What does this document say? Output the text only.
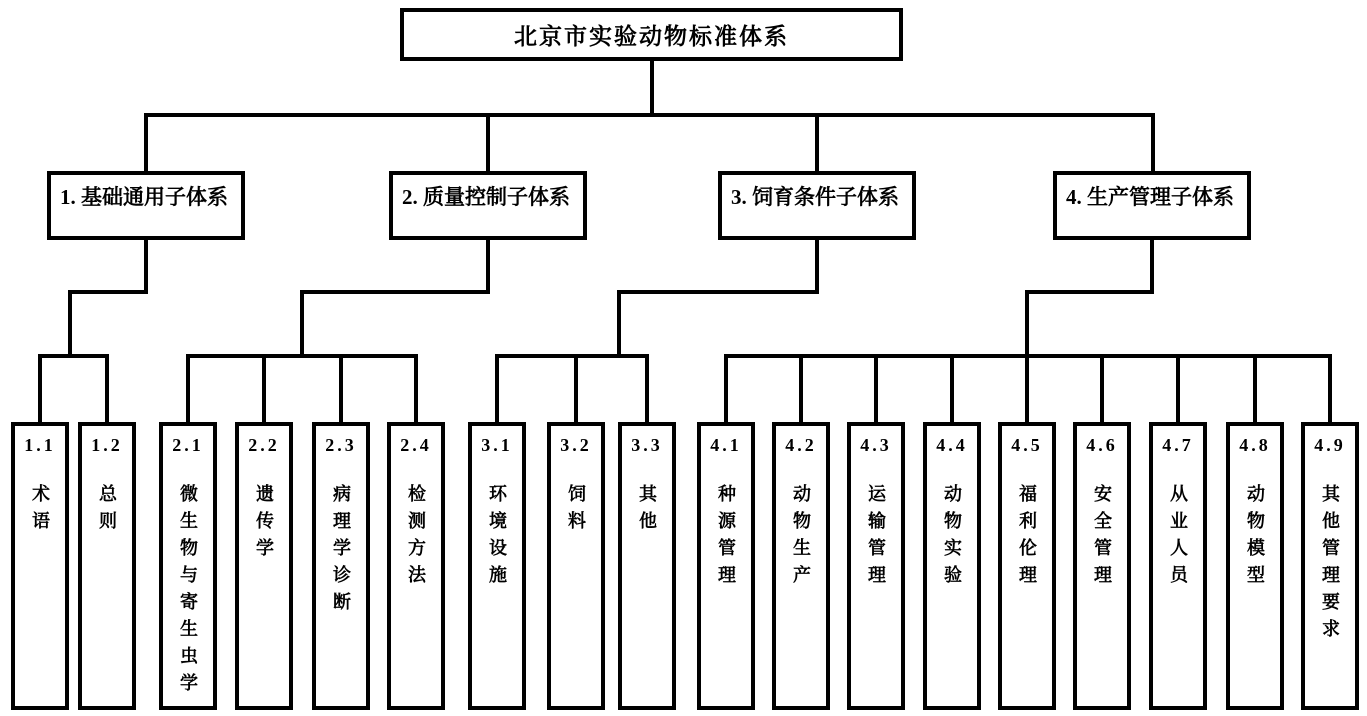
北京市实验动物标准体系
1. 基础通用子体系	2. 质量控制子体系	3. 饲育条件子体系	4. 生产管理子体系
1.1
术语
1.2
总则
2.1
微生物与寄生虫学
2.2
遗传学
2.3
病理学诊断
2.4
检测方法
3.1
环境设施
3.2
饲料
3.3
其他
4.1
种源管理
4.2
动物生产
4.3
运输管理
4.4
动物实验
4.5
福利伦理
4.6
安全管理
4.7
从业人员
4.8
动物模型
4.9
其他管理要求
